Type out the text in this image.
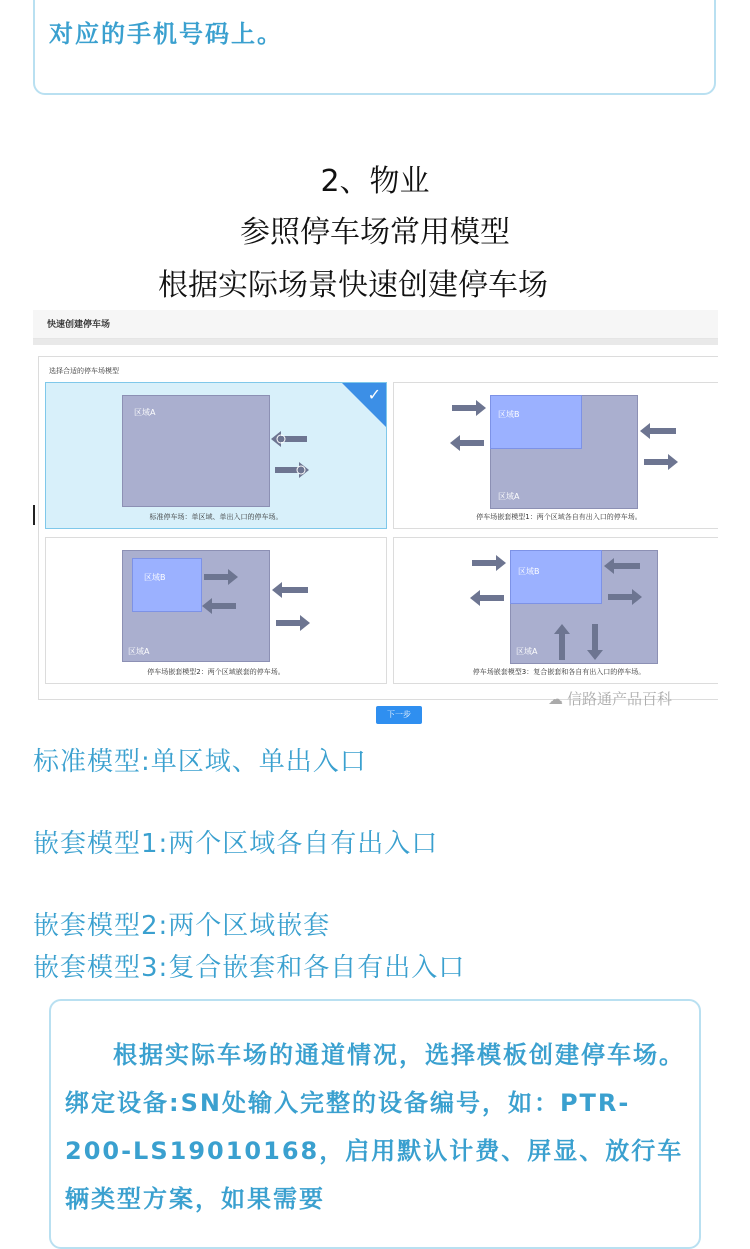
对应的手机号码上。
2、物业
参照停车场常用模型
根据实际场景快速创建停车场
快速创建停车场
选择合适的停车场模型
区域A
✓
标准停车场：单区域、单出入口的停车场。
区域B
区域A
停车场嵌套模型1：两个区域各自有出入口的停车场。
区域B
区域A
停车场嵌套模型2：两个区域嵌套的停车场。
区域B
区域A
停车场嵌套模型3：复合嵌套和各自有出入口的停车场。
☁ 信路通产品百科
下一步
标准模型:单区域、单出入口
嵌套模型1:两个区域各自有出入口
嵌套模型2:两个区域嵌套
嵌套模型3:复合嵌套和各自有出入口
根据实际车场的通道情况，选择模板创建停车场。绑定设备:SN处输入完整的设备编号，如：PTR-200-LS19010168，启用默认计费、屏显、放行车辆类型方案，如果需要
